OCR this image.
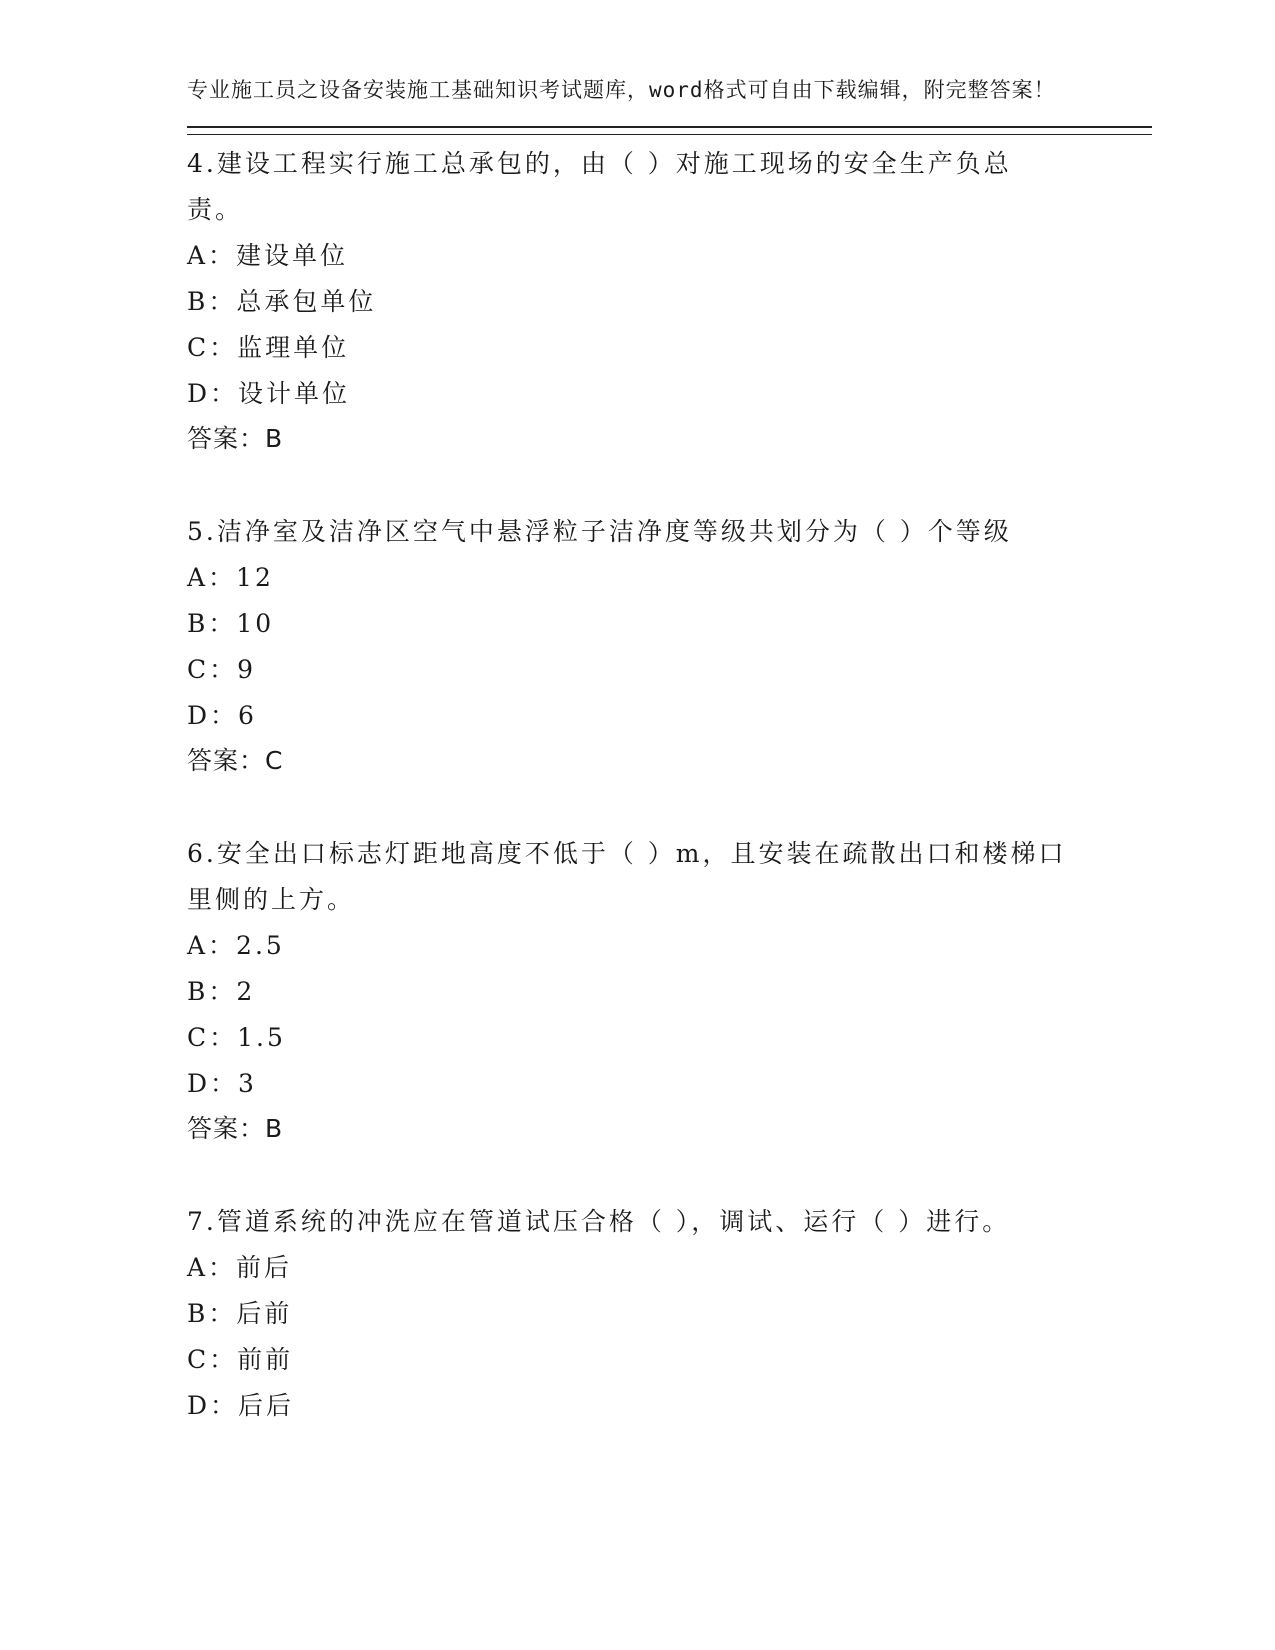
专业施工员之设备安装施工基础知识考试题库，word格式可自由下载编辑，附完整答案！

4.建设工程实行施工总承包的，由（ ）对施工现场的安全生产负总责。

A：建设单位

B：总承包单位

C：监理单位

D：设计单位

答案：B

5.洁净室及洁净区空气中悬浮粒子洁净度等级共划分为（ ）个等级

A：12

B：10

C：9

D：6

答案：C

6.安全出口标志灯距地高度不低于（ ）m，且安装在疏散出口和楼梯口里侧的上方。

A：2.5

B：2

C：1.5

D：3

答案：B

7.管道系统的冲洗应在管道试压合格（ ），调试、运行（ ）进行。

A：前后

B：后前

C：前前

D：后后
